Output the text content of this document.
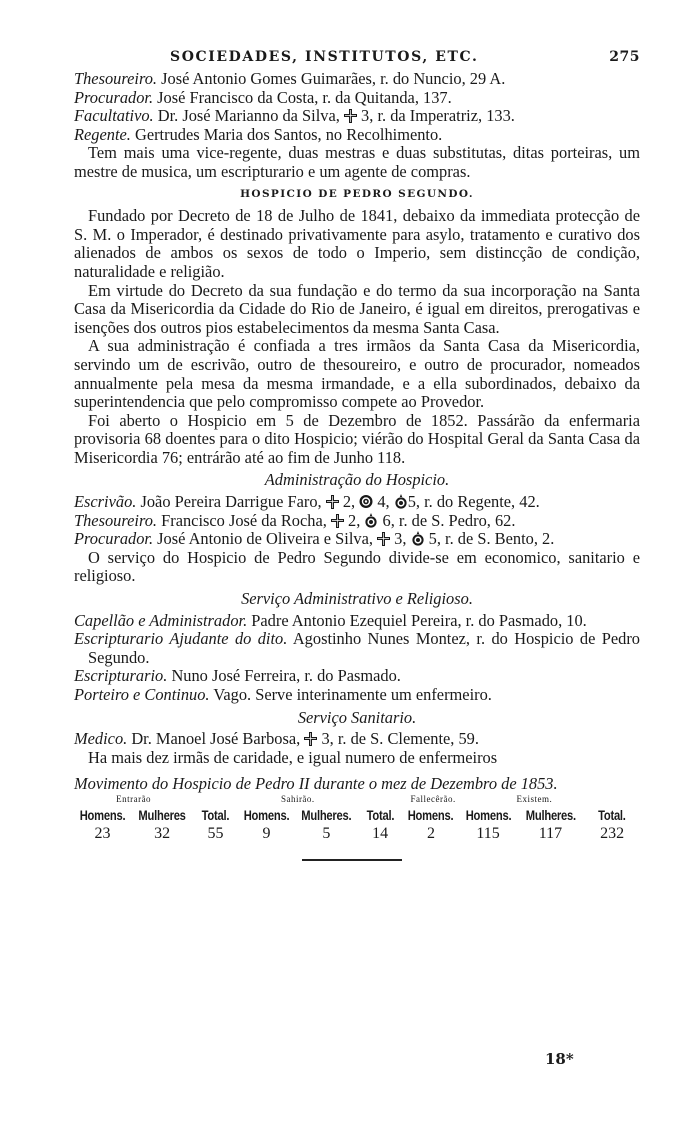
SOCIEDADES, INSTITUTOS, ETC.	275

Thesoureiro. José Antonio Gomes Guimarães, r. do Nuncio, 29 A.

Procurador. José Francisco da Costa, r. da Quitanda, 137.

Facultativo. Dr. José Marianno da Silva,  3, r. da Imperatriz, 133.

Regente. Gertrudes Maria dos Santos, no Recolhimento.

Tem mais uma vice-regente, duas mestras e duas substitutas, ditas porteiras, um mestre de musica, um escripturario e um agente de compras.

HOSPICIO DE PEDRO SEGUNDO.

Fundado por Decreto de 18 de Julho de 1841, debaixo da immediata protecção de S. M. o Imperador, é destinado privativamente para asylo, tratamento e curativo dos alienados de ambos os sexos de todo o Imperio, sem distincção de condição, naturalidade e religião.

Em virtude do Decreto da sua fundação e do termo da sua incorporação na Santa Casa da Misericordia da Cidade do Rio de Janeiro, é igual em direitos, prerogativas e isenções dos outros pios estabelecimentos da mesma Santa Casa.

A sua administração é confiada a tres irmãos da Santa Casa da Misericordia, servindo um de escrivão, outro de thesoureiro, e outro de procurador, nomeados annualmente pela mesa da mesma irmandade, e a ella subordinados, debaixo da superintendencia que pelo compromisso compete ao Provedor.

Foi aberto o Hospicio em 5 de Dezembro de 1852. Passárão da enfermaria provisoria 68 doentes para o dito Hospicio; viérão do Hospital Geral da Santa Casa da Misericordia 76; entrárão até ao fim de Junho 118.

Administração do Hospicio.

Escrivão. João Pereira Darrigue Faro,  2,  4, 5, r. do Regente, 42.

Thesoureiro. Francisco José da Rocha,  2,  6, r. de S. Pedro, 62.

Procurador. José Antonio de Oliveira e Silva,  3,  5, r. de S. Bento, 2.

O serviço do Hospicio de Pedro Segundo divide-se em economico, sanitario e religioso.

Serviço Administrativo e Religioso.

Capellão e Administrador. Padre Antonio Ezequiel Pereira, r. do Pasmado, 10.

Escripturario Ajudante do dito. Agostinho Nunes Montez, r. do Hospicio de Pedro Segundo.

Escripturario. Nuno José Ferreira, r. do Pasmado.

Porteiro e Continuo. Vago. Serve interinamente um enfermeiro.

Serviço Sanitario.

Medico. Dr. Manoel José Barbosa,  3, r. de S. Clemente, 59.

Ha mais dez irmãs de caridade, e igual numero de enfermeiros

Movimento do Hospicio de Pedro II durante o mez de Dezembro de 1853.
Entrarão			Sahirão.			Fallecêrão.		Existem.	
Homens.	Mulheres	Total.	Homens.	Mulheres.	Total.	Homens.	Homens.	Mulheres.	Total.
23	32	55	9	5	14	2	115	117	232
18*
